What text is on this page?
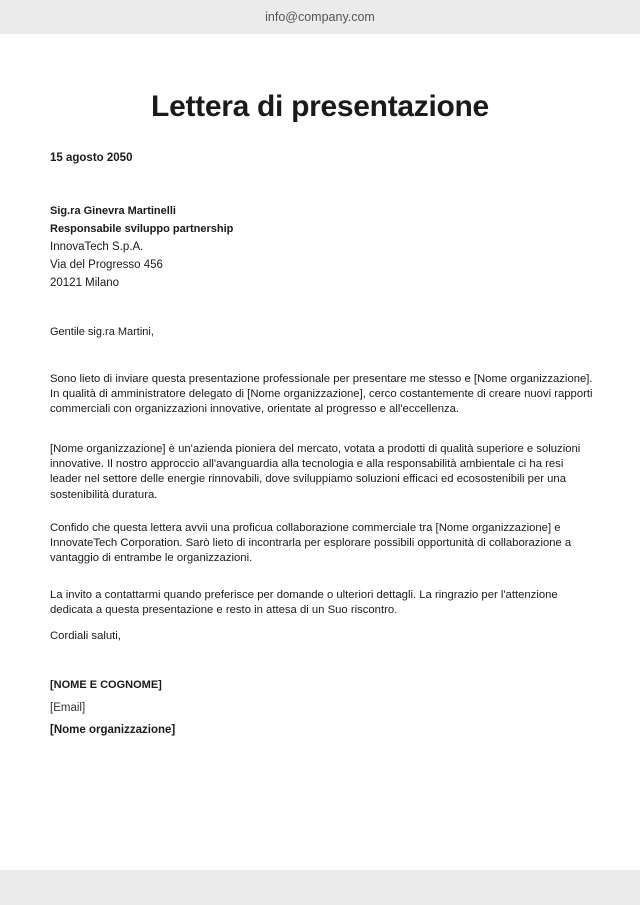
info@company.com
Lettera di presentazione
15 agosto 2050
Sig.ra Ginevra Martinelli
Responsabile sviluppo partnership
InnovaTech S.p.A.
Via del Progresso 456
20121 Milano
Gentile sig.ra Martini,

Sono lieto di inviare questa presentazione professionale per presentare me stesso e [Nome organizzazione]. In qualità di amministratore delegato di [Nome organizzazione], cerco costantemente di creare nuovi rapporti commerciali con organizzazioni innovative, orientate al progresso e all'eccellenza.

[Nome organizzazione] è un'azienda pioniera del mercato, votata a prodotti di qualità superiore e soluzioni innovative. Il nostro approccio all'avanguardia alla tecnologia e alla responsabilità ambientale ci ha resi leader nel settore delle energie rinnovabili, dove sviluppiamo soluzioni efficaci ed ecosostenibili per una sostenibilità duratura.

Confido che questa lettera avvii una proficua collaborazione commerciale tra [Nome organizzazione] e InnovateTech Corporation. Sarò lieto di incontrarla per esplorare possibili opportunità di collaborazione a vantaggio di entrambe le organizzazioni.

La invito a contattarmi quando preferisce per domande o ulteriori dettagli. La ringrazio per l'attenzione dedicata a questa presentazione e resto in attesa di un Suo riscontro.

Cordiali saluti,
[NOME E COGNOME]
[Email]
[Nome organizzazione]
